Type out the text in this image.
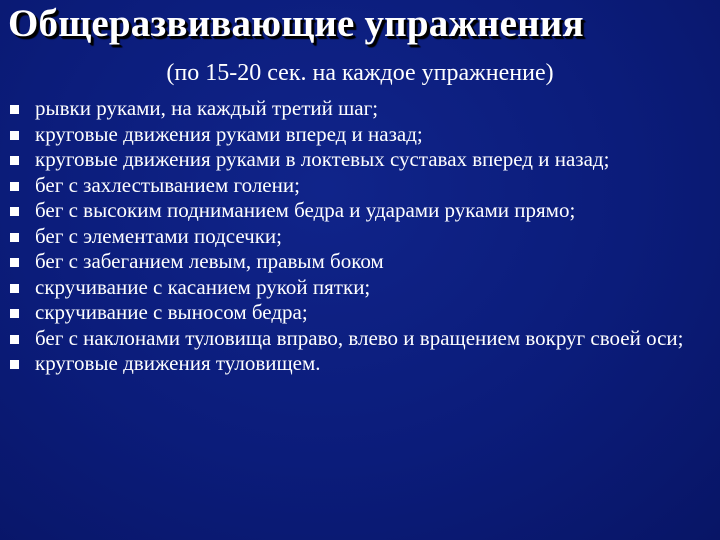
Общеразвивающие упражнения
(по 15-20 сек. на каждое упражнение)
рывки руками, на каждый третий шаг;
круговые движения руками вперед и назад;
круговые движения руками в локтевых суставах вперед и назад;
бег с захлестыванием голени;
бег с высоким подниманием бедра и ударами руками прямо;
бег с элементами подсечки;
бег с забеганием левым, правым боком
скручивание с касанием рукой пятки;
скручивание с выносом бедра;
бег с наклонами туловища вправо, влево и вращением вокруг своей оси;
круговые движения туловищем.
